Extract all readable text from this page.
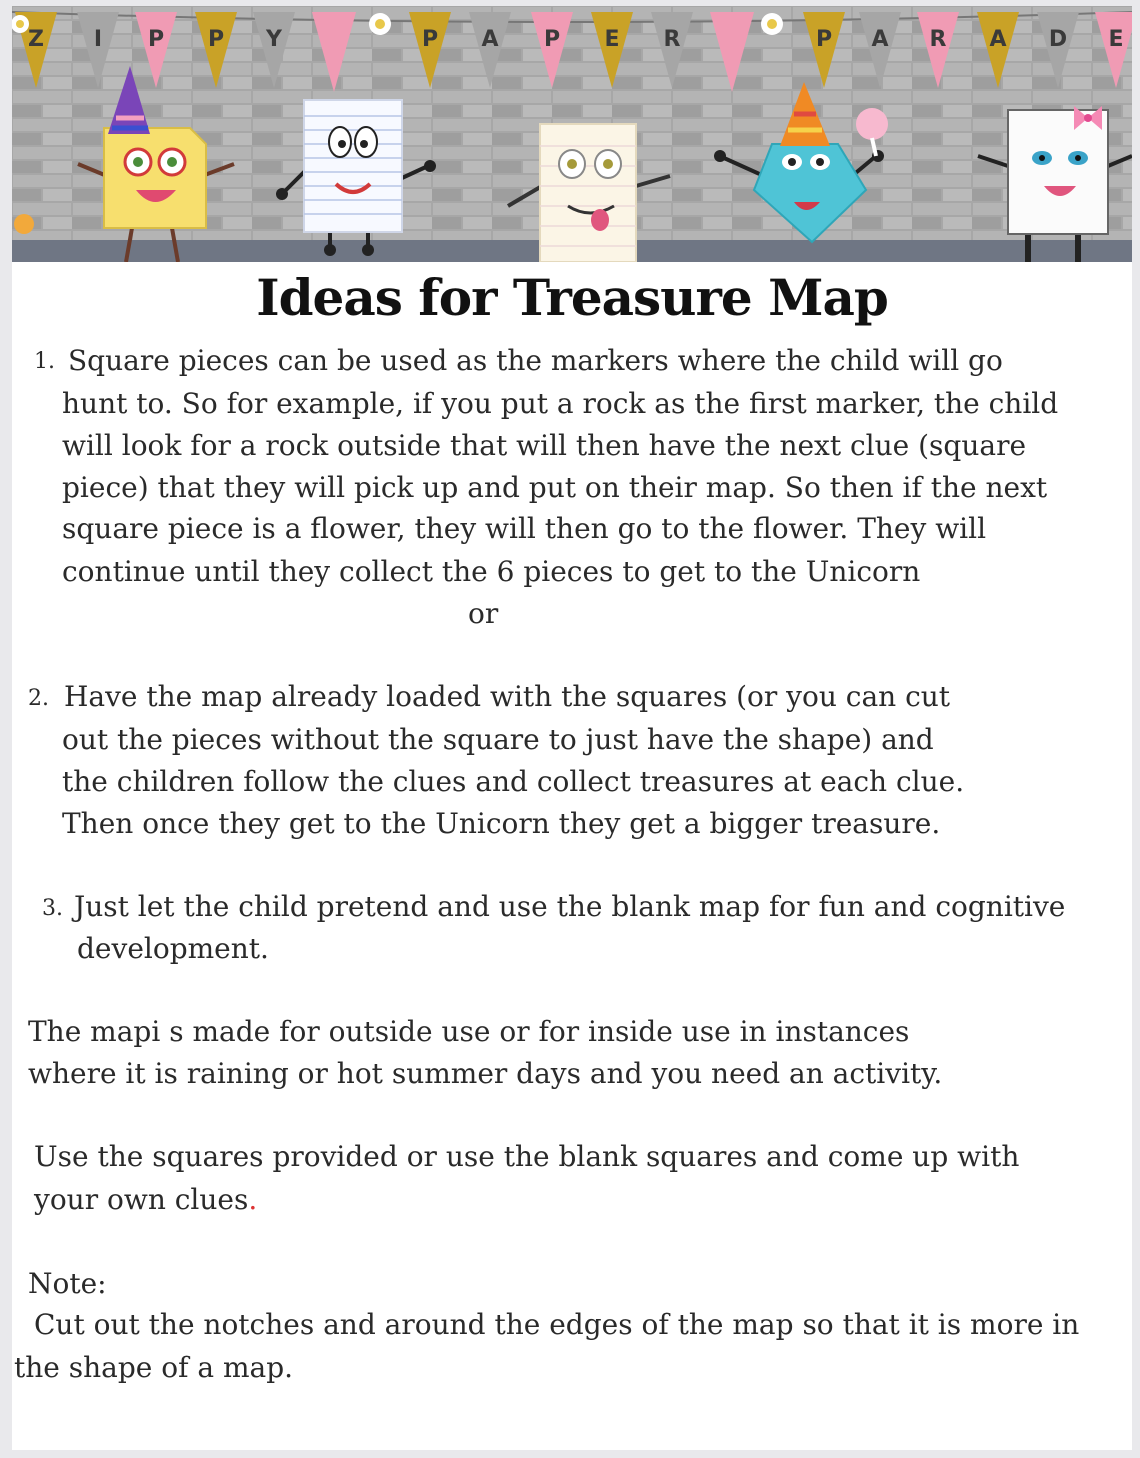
Z I P P Y	P A P E R	P A R A D E
Ideas for Treasure Map
1. Square pieces can be used as the markers where the child will go
hunt to. So for example, if you put a rock as the first marker, the child
will look for a rock outside that will then have the next clue (square
piece) that they will pick up and put on their map. So then if the next
square piece is a flower, they will then go to the flower. They will
continue until they collect the 6 pieces to get to the Unicorn
or
2. Have the map already loaded with the squares (or you can cut
out the pieces without the square to just have the shape) and
the children follow the clues and collect treasures at each clue.
Then once they get to the Unicorn they get a bigger treasure.
3. Just let the child pretend and use the blank map for fun and cognitive
development.
The mapi s made for outside use or for inside use in instances
where it is raining or hot summer days and you need an activity.
Use the squares provided or use the blank squares and come up with
your own clues.
Note:
Cut out the notches and around the edges of the map so that it is more in
the shape of a map.
